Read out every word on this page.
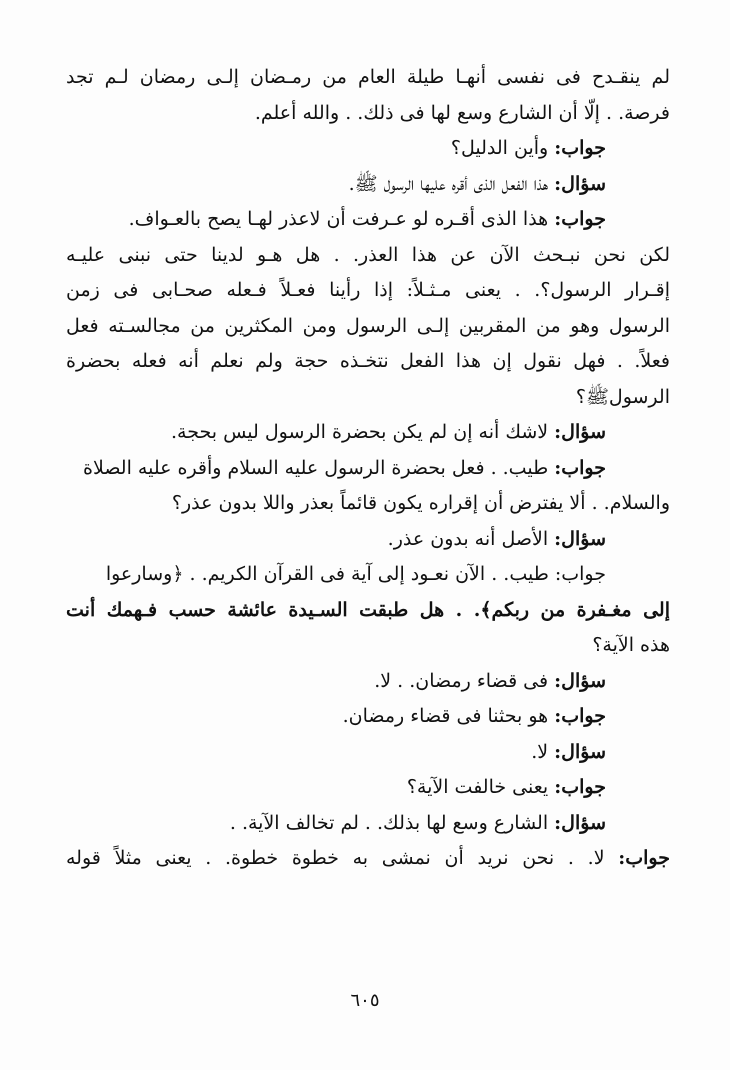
لم ينقـدح فى نفسى أنهـا طيلة العام من رمـضان إلـى رمضان لـم تجد
فرصة. . إلّا أن الشارع وسع لها فى ذلك. . والله أعلم.
جواب: وأين الدليل؟
سؤال: هذا الفعل الذى أقره عليها الرسول ﷺ.
جواب: هذا الذى أقـره لو عـرفت أن لاعذر لهـا يصح بالعـواف.
لكن نحن نبـحث الآن عن هذا العذر. . هل هـو لدينا حتى نبنى عليـه
إقـرار الرسول؟. . يعنى مـثـلاً: إذا رأينا فعـلاً فـعله صحـابى فى زمن
الرسول وهو من المقربين إلـى الرسول ومن المكثرين من مجالسـته فعل
فعلاً. . فهل نقول إن هذا الفعل نتخـذه حجة ولم نعلم أنه فعله بحضرة
الرسولﷺ؟
سؤال: لاشك أنه إن لم يكن بحضرة الرسول ليس بحجة.
جواب: طيب. . فعل بحضرة الرسول عليه السلام وأقره عليه الصلاة
والسلام. . ألا يفترض أن إقراره يكون قائماً بعذر واللا بدون عذر؟
سؤال: الأصل أنه بدون عذر.
جواب: طيب. . الآن نعـود إلى آية فى القرآن الكريم. . ﴿وسارعوا
إلى مغـفرة من ربكم﴾. . هل طبقت السـيدة عائشة حسب فـهمك أنت
هذه الآية؟
سؤال: فى قضاء رمضان. . لا.
جواب: هو بحثنا فى قضاء رمضان.
سؤال: لا.
جواب: يعنى خالفت الآية؟
سؤال: الشارع وسع لها بذلك. . لم تخالف الآية. .
جواب: لا. . نحن نريد أن نمشى به خطوة خطوة. . يعنى مثلاً قوله
٦٠٥
